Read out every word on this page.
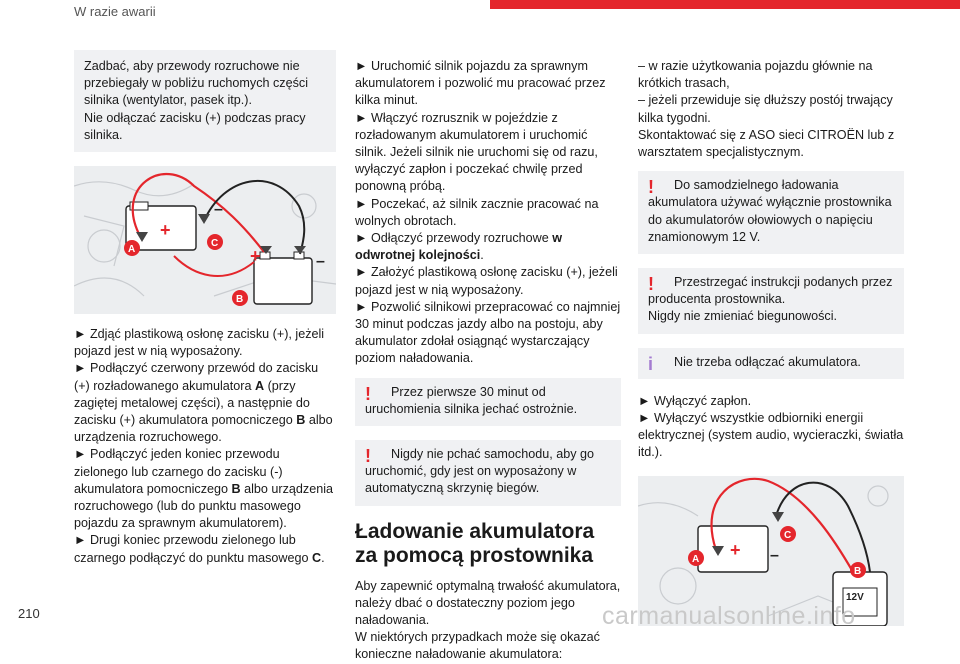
W razie awarii

Zadbać, aby przewody rozruchowe nie przebiegały w pobliżu ruchomych części silnika (wentylator, pasek itp.).

Nie odłączać zacisku (+) podczas pracy silnika.

+
+
–
–
A
C
B

► Zdjąć plastikową osłonę zacisku (+), jeżeli pojazd jest w nią wyposażony.

► Podłączyć czerwony przewód do zacisku (+) rozładowanego akumulatora A (przy zagiętej metalowej części), a następnie do zacisku (+) akumulatora pomocniczego B albo urządzenia rozruchowego.

► Podłączyć jeden koniec przewodu zielonego lub czarnego do zacisku (-) akumulatora pomocniczego B albo urządzenia rozruchowego (lub do punktu masowego pojazdu za sprawnym akumulatorem).

► Drugi koniec przewodu zielonego lub czarnego podłączyć do punktu masowego C.

► Uruchomić silnik pojazdu za sprawnym akumulatorem i pozwolić mu pracować przez kilka minut.

► Włączyć rozrusznik w pojeździe z rozładowanym akumulatorem i uruchomić silnik. Jeżeli silnik nie uruchomi się od razu, wyłączyć zapłon i poczekać chwilę przed ponowną próbą.

► Poczekać, aż silnik zacznie pracować na wolnych obrotach.

► Odłączyć przewody rozruchowe w odwrotnej kolejności.

► Założyć plastikową osłonę zacisku (+), jeżeli pojazd jest w nią wyposażony.

► Pozwolić silnikowi przepracować co najmniej 30 minut podczas jazdy albo na postoju, aby akumulator zdołał osiągnąć wystarczający poziom naładowania.

!	Przez pierwsze 30 minut od uruchomienia silnika jechać ostrożnie.
!	Nigdy nie pchać samochodu, aby go uruchomić, gdy jest on wyposażony w automatyczną skrzynię biegów.
Ładowanie akumulatora za pomocą prostownika

Aby zapewnić optymalną trwałość akumulatora, należy dbać o dostateczny poziom jego naładowania.

W niektórych przypadkach może się okazać konieczne naładowanie akumulatora:

– w razie użytkowania pojazdu głównie na krótkich trasach,

– jeżeli przewiduje się dłuższy postój trwający kilka tygodni.

Skontaktować się z ASO sieci CITROËN lub z warsztatem specjalistycznym.

!	Do samodzielnego ładowania akumulatora używać wyłącznie prostownika do akumulatorów ołowiowych o napięciu znamionowym 12 V.
!	Przestrzegać instrukcji podanych przez producenta prostownika.
Nigdy nie zmieniać biegunowości.
i	Nie trzeba odłączać akumulatora.

► Wyłączyć zapłon.

► Wyłączyć wszystkie odbiorniki energii elektrycznej (system audio, wycieraczki, światła itd.).

12V
+ –
A
C
B
210	carmanualsonline.info
